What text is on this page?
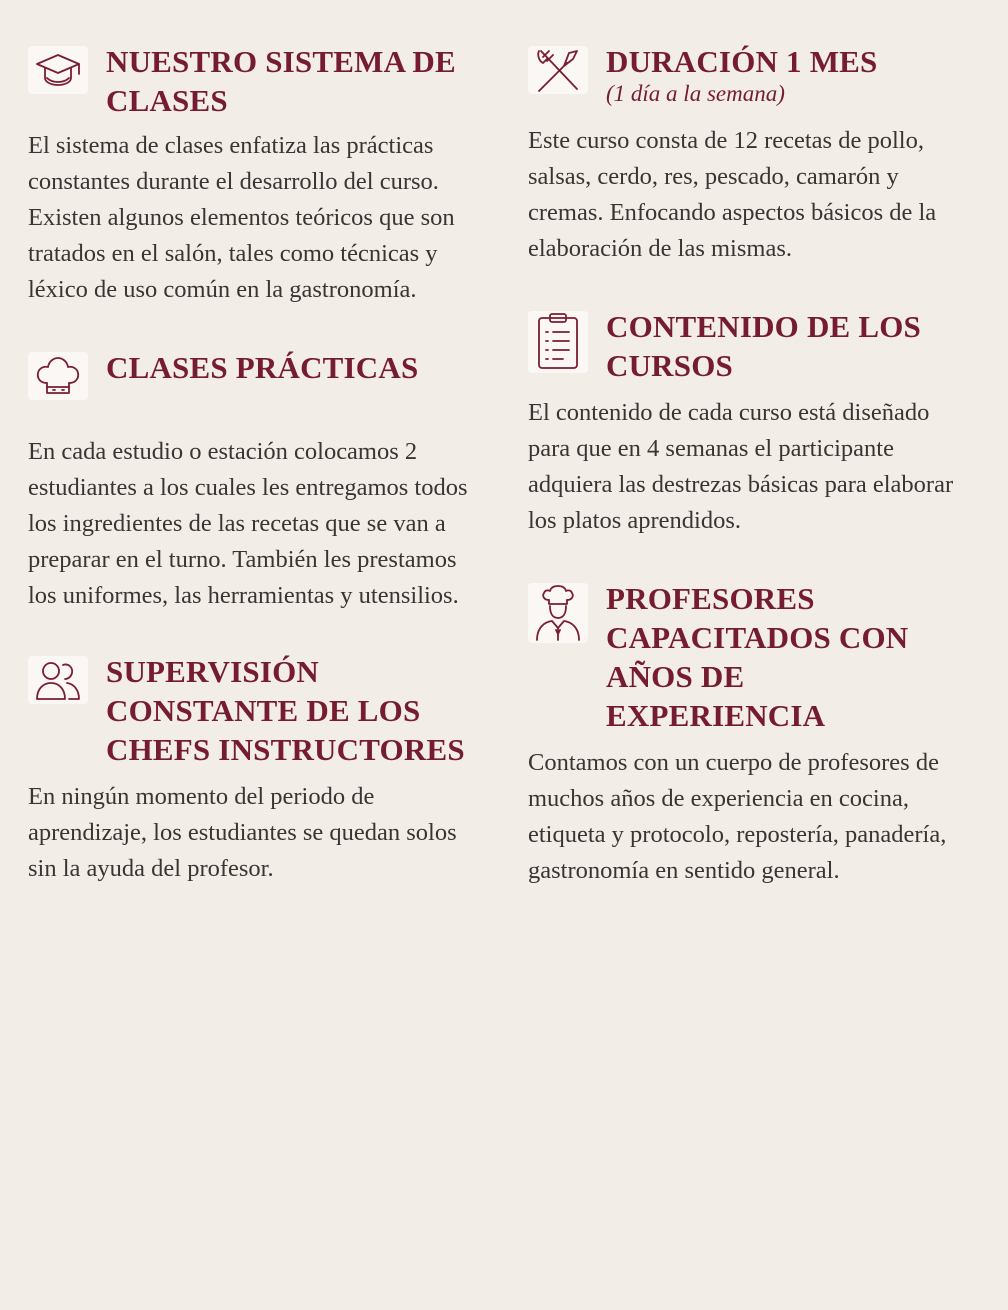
NUESTRO SISTEMA DE CLASES

El sistema de clases enfatiza las prácticas constantes durante el desarrollo del curso. Existen algunos elementos teóricos que son tratados en el salón, tales como técnicas y léxico de uso común en la gastronomía.

CLASES PRÁCTICAS

En cada estudio o estación colocamos 2 estudiantes a los cuales les entregamos todos los ingredientes de las recetas que se van a preparar en el turno. También les prestamos los uniformes, las herramientas y utensilios.

SUPERVISIÓN CONSTANTE DE LOS CHEFS INSTRUCTORES

En ningún momento del periodo de aprendizaje, los estudiantes se quedan solos sin la ayuda del profesor.

DURACIÓN 1 MES

(1 día a la semana)

Este curso consta de 12 recetas de pollo, salsas, cerdo, res, pescado, camarón y cremas. Enfocando aspectos básicos de la elaboración de las mismas.

CONTENIDO DE LOS CURSOS

El contenido de cada curso está diseñado para que en 4 semanas el participante adquiera las destrezas básicas para elaborar los platos aprendidos.

PROFESORES CAPACITADOS CON AÑOS DE EXPERIENCIA

Contamos con un cuerpo de profesores de muchos años de experiencia en cocina, etiqueta y protocolo, repostería, panadería, gastronomía en sentido general.
